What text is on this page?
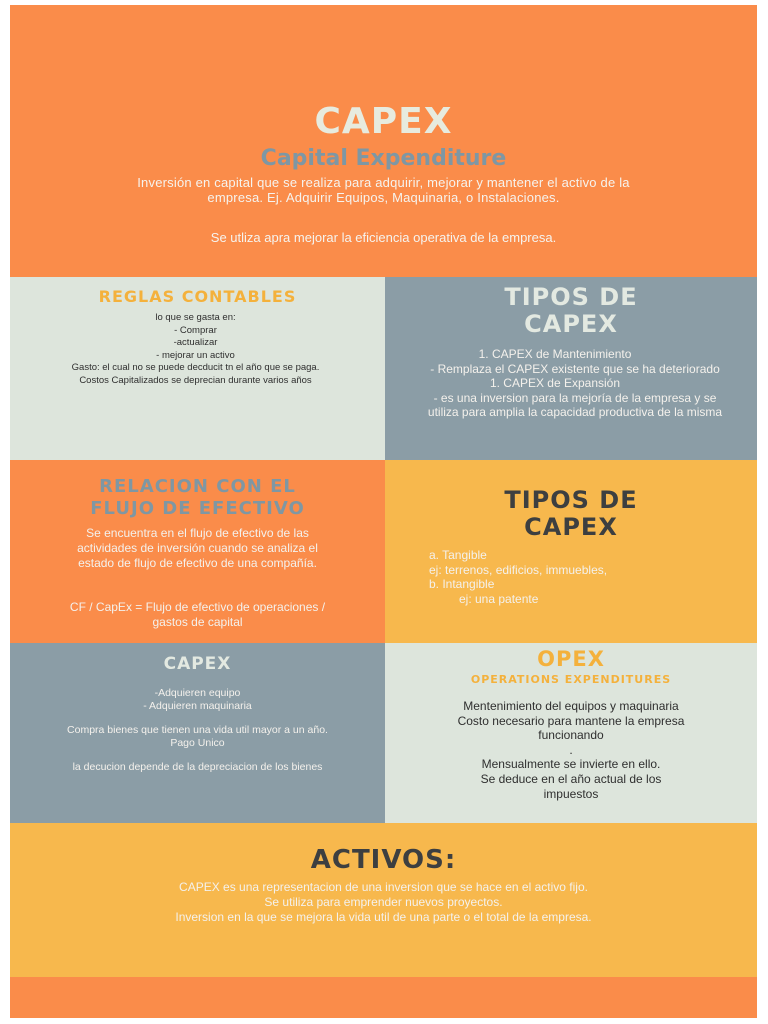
CAPEX
Capital Expenditure
Inversión en capital que se realiza para adquirir, mejorar y mantener el activo de la empresa. Ej. Adquirir Equipos, Maquinaria, o Instalaciones.
Se utliza apra mejorar la eficiencia operativa de la empresa.
REGLAS CONTABLES

lo que se gasta en:

- Comprar

-actualizar

- mejorar un activo

Gasto: el cual no se puede decducit tn el año que se paga.

Costos Capitalizados se deprecian durante varios años

TIPOS DE
CAPEX

1. CAPEX de Mantenimiento

- Remplaza el CAPEX existente que se ha deteriorado

1. CAPEX de Expansión

- es una inversion para la mejoría de la empresa y se utiliza para amplia la capacidad productiva de la misma

RELACION CON EL
FLUJO DE EFECTIVO
Se encuentra en el flujo de efectivo de las actividades de inversión cuando se analiza el estado de flujo de efectivo de una compañía.
CF / CapEx = Flujo de efectivo de operaciones / gastos de capital
TIPOS DE
CAPEX

a. Tangible

ej: terrenos, edificios, immuebles,

b. Intangible

ej: una patente

CAPEX

-Adquieren equipo

- Adquieren maquinaria

Compra bienes que tienen una vida util mayor a un año.

Pago Unico

la decucion depende de la depreciacion de los bienes

OPEX
OPERATIONS EXPENDITURES

Mentenimiento del equipos y maquinaria

Costo necesario para mantene la empresa funcionando

.

Mensualmente se invierte en ello.

Se deduce en el año actual de los impuestos

ACTIVOS:

CAPEX es una representacion de una inversion que se hace en el activo fijo.

Se utiliza para emprender nuevos proyectos.

Inversion en la que se mejora la vida util de una parte o el total de la empresa.
